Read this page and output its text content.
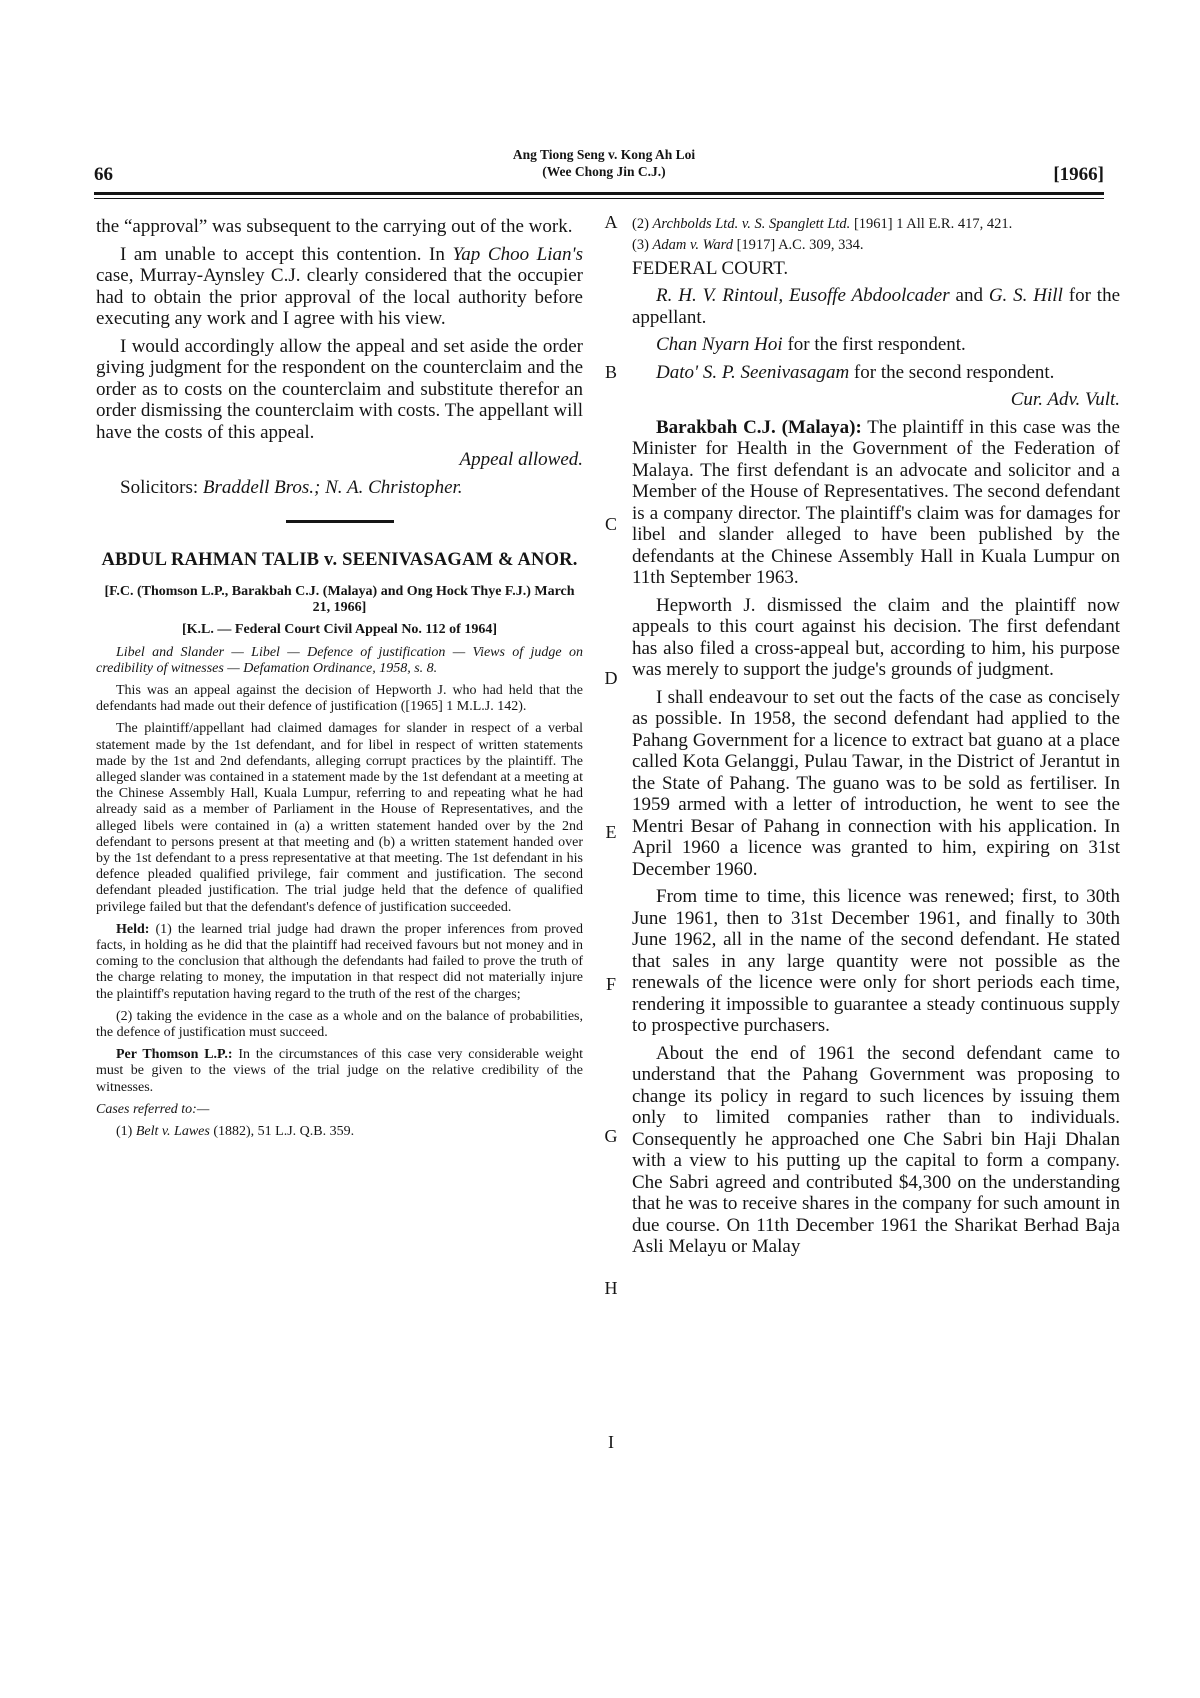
66
Ang Tiong Seng v. Kong Ah Loi
(Wee Chong Jin C.J.)	[1966]

the “approval” was subsequent to the carrying out of the work.

I am unable to accept this contention. In Yap Choo Lian's case, Murray-Aynsley C.J. clearly considered that the occupier had to obtain the prior approval of the local authority before executing any work and I agree with his view.

I would accordingly allow the appeal and set aside the order giving judgment for the respondent on the counterclaim and the order as to costs on the counterclaim and substitute therefor an order dismissing the counterclaim with costs. The appellant will have the costs of this appeal.

Appeal allowed.

Solicitors: Braddell Bros.; N. A. Christopher.

ABDUL RAHMAN TALIB v. SEENIVASAGAM & ANOR.

[F.C. (Thomson L.P., Barakbah C.J. (Malaya) and Ong Hock Thye F.J.) March 21, 1966]

[K.L. — Federal Court Civil Appeal No. 112 of 1964]

Libel and Slander — Libel — Defence of justification — Views of judge on credibility of witnesses — Defamation Ordinance, 1958, s. 8.

This was an appeal against the decision of Hepworth J. who had held that the defendants had made out their defence of justification ([1965] 1 M.L.J. 142).

The plaintiff/appellant had claimed damages for slander in respect of a verbal statement made by the 1st defendant, and for libel in respect of written statements made by the 1st and 2nd defendants, alleging corrupt practices by the plaintiff. The alleged slander was contained in a statement made by the 1st defendant at a meeting at the Chinese Assembly Hall, Kuala Lumpur, referring to and repeating what he had already said as a member of Parliament in the House of Representatives, and the alleged libels were contained in (a) a written statement handed over by the 2nd defendant to persons present at that meeting and (b) a written statement handed over by the 1st defendant to a press representative at that meeting. The 1st defendant in his defence pleaded qualified privilege, fair comment and justification. The second defendant pleaded justification. The trial judge held that the defence of qualified privilege failed but that the defendant's defence of justification succeeded.

Held: (1) the learned trial judge had drawn the proper inferences from proved facts, in holding as he did that the plaintiff had received favours but not money and in coming to the conclusion that although the defendants had failed to prove the truth of the charge relating to money, the imputation in that respect did not materially injure the plaintiff's reputation having regard to the truth of the rest of the charges;

(2) taking the evidence in the case as a whole and on the balance of probabilities, the defence of justification must succeed.

Per Thomson L.P.: In the circumstances of this case very considerable weight must be given to the views of the trial judge on the relative credibility of the witnesses.

Cases referred to:—

(1) Belt v. Lawes (1882), 51 L.J. Q.B. 359.

A
B
C
D
E
F
G
H
I

(2) Archbolds Ltd. v. S. Spanglett Ltd. [1961] 1 All E.R. 417, 421.

(3) Adam v. Ward [1917] A.C. 309, 334.

FEDERAL COURT.

R. H. V. Rintoul, Eusoffe Abdoolcader and G. S. Hill for the appellant.

Chan Nyarn Hoi for the first respondent.

Dato' S. P. Seenivasagam for the second respondent.

Cur. Adv. Vult.

Barakbah C.J. (Malaya): The plaintiff in this case was the Minister for Health in the Government of the Federation of Malaya. The first defendant is an advocate and solicitor and a Member of the House of Representatives. The second defendant is a company director. The plaintiff's claim was for damages for libel and slander alleged to have been published by the defendants at the Chinese Assembly Hall in Kuala Lumpur on 11th September 1963.

Hepworth J. dismissed the claim and the plaintiff now appeals to this court against his decision. The first defendant has also filed a cross-appeal but, according to him, his purpose was merely to support the judge's grounds of judgment.

I shall endeavour to set out the facts of the case as concisely as possible. In 1958, the second defendant had applied to the Pahang Government for a licence to extract bat guano at a place called Kota Gelanggi, Pulau Tawar, in the District of Jerantut in the State of Pahang. The guano was to be sold as fertiliser. In 1959 armed with a letter of introduction, he went to see the Mentri Besar of Pahang in connection with his application. In April 1960 a licence was granted to him, expiring on 31st December 1960.

From time to time, this licence was renewed; first, to 30th June 1961, then to 31st December 1961, and finally to 30th June 1962, all in the name of the second defendant. He stated that sales in any large quantity were not possible as the renewals of the licence were only for short periods each time, rendering it impossible to guarantee a steady continuous supply to prospective purchasers.

About the end of 1961 the second defendant came to understand that the Pahang Government was proposing to change its policy in regard to such licences by issuing them only to limited companies rather than to individuals. Consequently he approached one Che Sabri bin Haji Dhalan with a view to his putting up the capital to form a company. Che Sabri agreed and contributed $4,300 on the understanding that he was to receive shares in the company for such amount in due course. On 11th December 1961 the Sharikat Berhad Baja Asli Melayu or Malay
